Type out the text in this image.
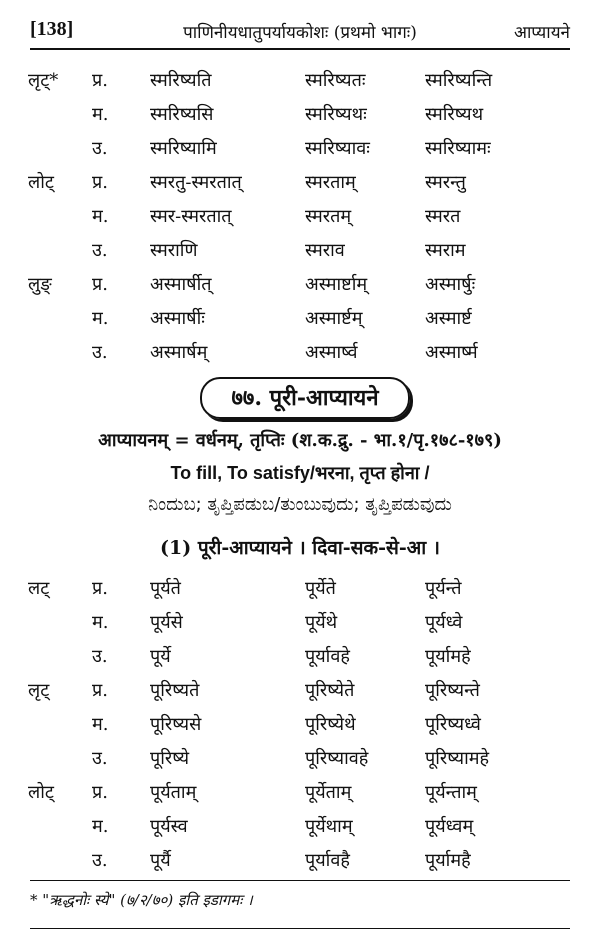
[138]	पाणिनीयधातुपर्यायकोशः (प्रथमो भागः)	आप्यायने
लृट्* प्र. स्मरिष्यति	स्मरिष्यतः	स्मरिष्यन्ति
म. स्मरिष्यसि	स्मरिष्यथः	स्मरिष्यथ
उ. स्मरिष्यामि	स्मरिष्यावः	स्मरिष्यामः
लोट् प्र. स्मरतु-स्मरतात्	स्मरताम्	स्मरन्तु
म. स्मर-स्मरतात्	स्मरतम्	स्मरत
उ. स्मराणि	स्मराव	स्मराम
लुङ् प्र. अस्मार्षीत्	अस्मार्ष्टाम्	अस्मार्षुः
म. अस्मार्षीः	अस्मार्ष्टम्	अस्मार्ष्ट
उ. अस्मार्षम्	अस्मार्ष्व	अस्मार्ष्म
७७. पूरी-आप्यायने
आप्यायनम् = वर्धनम्, तृप्तिः (श.क.द्रु. - भा.१/पृ.१७८-१७९)
To fill, To satisfy/भरना, तृप्त होना /
ನಿಂದುಬ; ತೃಪ್ತಿಪಡುಬ/ತುಂಬುವುದು; ತೃಪ್ತಿಪಡುವುದು
(1) पूरी-आप्यायने । दिवा-सक-से-आ ।
लट् प्र. पूर्यते	पूर्येते	पूर्यन्ते
म. पूर्यसे	पूर्येथे	पूर्यध्वे
उ. पूर्ये	पूर्यावहे	पूर्यामहे
लृट् प्र. पूरिष्यते	पूरिष्येते	पूरिष्यन्ते
म. पूरिष्यसे	पूरिष्येथे	पूरिष्यध्वे
उ. पूरिष्ये	पूरिष्यावहे	पूरिष्यामहे
लोट् प्र. पूर्यताम्	पूर्येताम्	पूर्यन्ताम्
म. पूर्यस्व	पूर्येथाम्	पूर्यध्वम्
उ. पूर्यै	पूर्यावहै	पूर्यामहै
* "ऋद्धनोः स्ये" (७/२/७०) इति इडागमः ।
